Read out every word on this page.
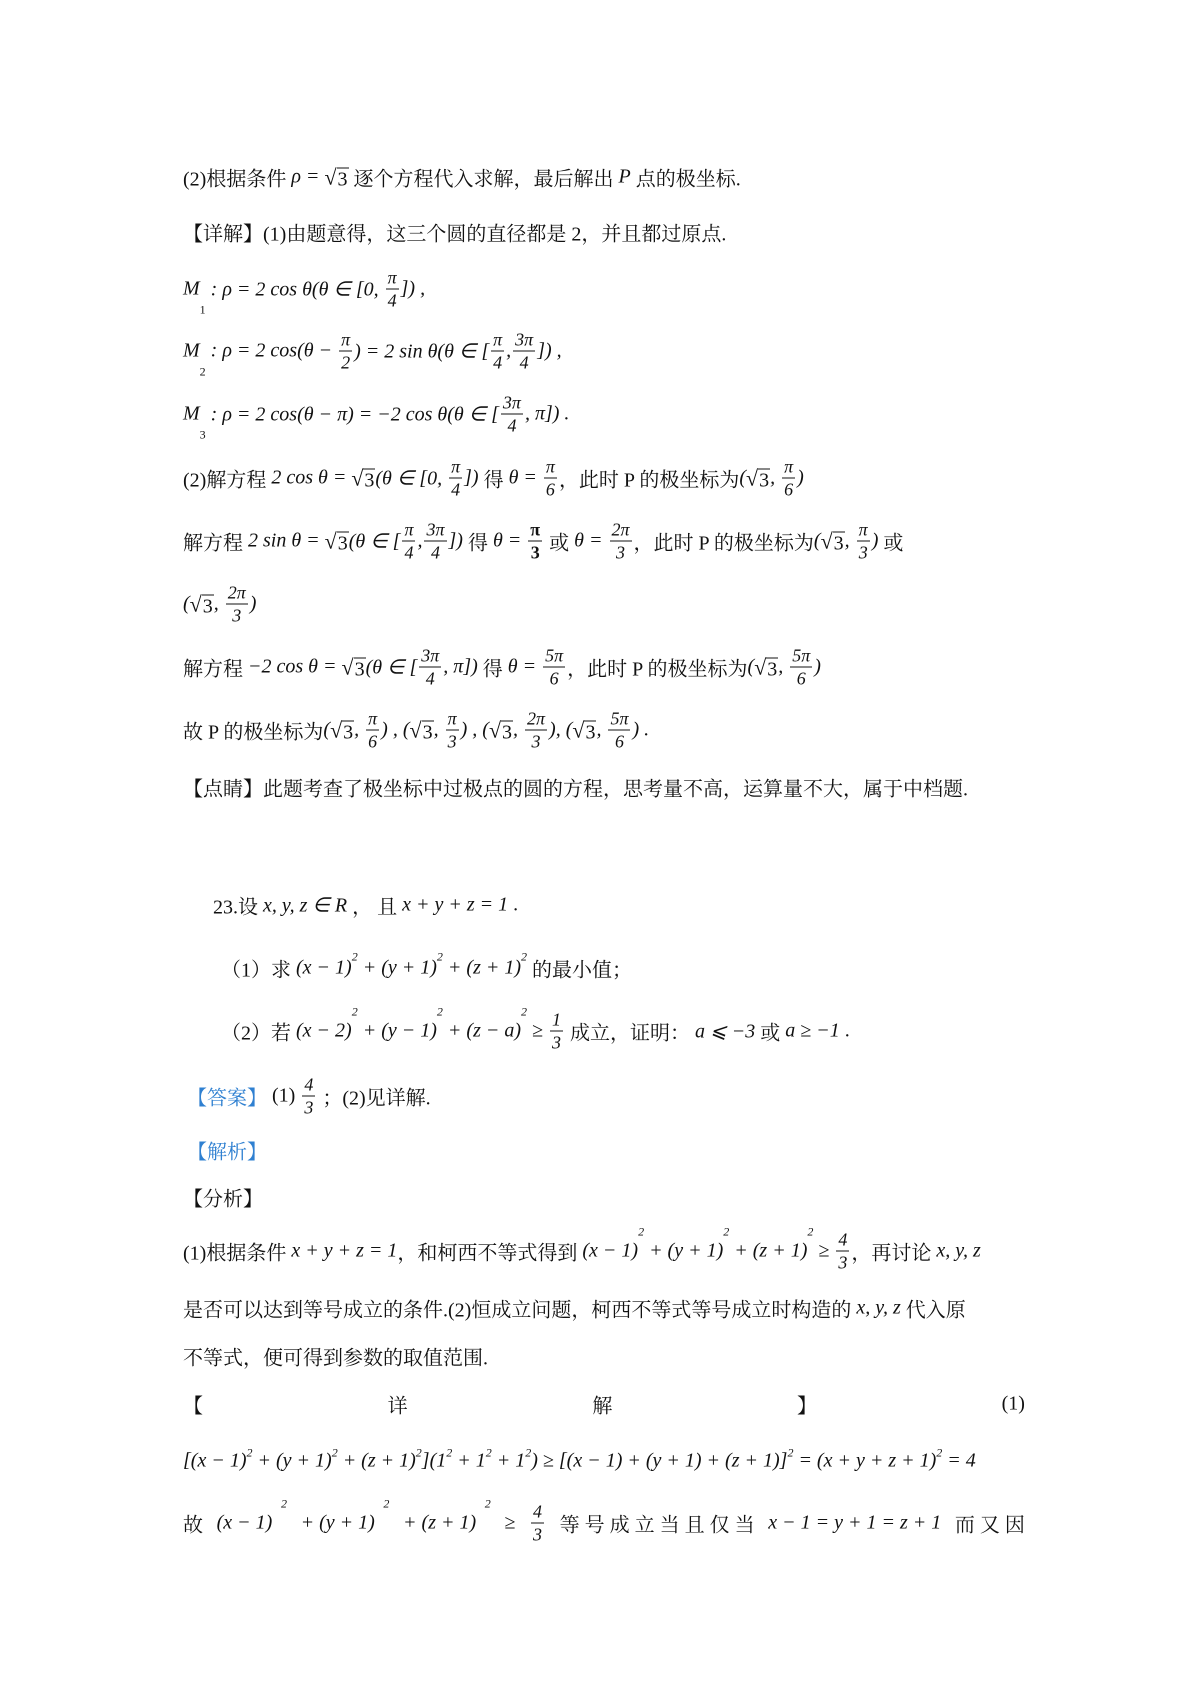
(2)根据条件 ρ = √ 3 逐个方程代入求解，最后解出 P 点的极坐标.
【详解】(1)由题意得，这三个圆的直径都是 2，并且都过原点.
M
1
: ρ = 2 cos θ(θ ∈ [0, $\frac{\pi}{4}$ ]) ,
M
2
: ρ = 2 $\cos(\theta - \frac{\pi}{2}$ ) = 2 sin θ(θ ∈ [ $\frac{\pi}{4}$ , $\frac{3\pi}{4}$ ]) ,
M
3
: ρ = 2 cos(θ − π) = −2 cos θ(θ ∈ [ $\frac{3\pi}{4}$ , π]) .
(2)解方程 2 cos θ = √ 3 (θ ∈ [0, $\frac{\pi}{4}$ ]) 得 $\theta = \frac{\pi}{6}$ ，此时 P 的极坐标为 ( √ 3 , $\frac{\pi}{6}$ )
解方程 2 sin θ = √ 3 (θ ∈ [ $\frac{\pi}{4}$ , $\frac{3\pi}{4}$ ]) 得 $\theta = \frac{\pi}{3}$ 或 $\theta = \frac{2\pi}{3}$ ，此时 P 的极坐标为 ( √ 3 , $\frac{\pi}{3}$ ) 或
( √ 3 , $\frac{2\pi}{3}$ )
解方程 −2 cos θ = √ 3 (θ ∈ [ $\frac{3\pi}{4}$ , π]) 得 $\theta = \frac{5\pi}{6}$ ，此时 P 的极坐标为 ( √ 3 , $\frac{5\pi}{6}$ )
故 P 的极坐标为 ( √ 3 , $\frac{\pi}{6}$ ) , ( √ 3 , $\frac{\pi}{3}$ ) , ( √ 3 , $\frac{2\pi}{3}$ ), ( √ 3 , $\frac{5\pi}{6}$ ) .
【点睛】此题考查了极坐标中过极点的圆的方程，思考量不高，运算量不大，属于中档题.
23.设 x, y, z ∈ R ， 且 x + y + z = 1 .
（1）求 (x − 1) 2 + (y + 1) 2 + (z + 1) 2
的最小值；
（2）若 (x − 2)
2
+ (y − 1)
2
+ (z − a)
2
≥ $\frac{1}{3}$ 成立，证明： a ⩽ −3 或 a ≥ −1 .
【答案】 $(1) \frac{4}{3}$ ；(2)见详解.
【解析】
【分析】
(1)根据条件 x + y + z = 1 ，和柯西不等式得到 (x − 1)
2
+ (y + 1)
2
+ (z + 1)
2
≥ $\frac{4}{3}$ ，再讨论 x, y, z
是否可以达到等号成立的条件.(2)恒成立问题，柯西不等式等号成立时构造的 x, y, z 代入原
不等式，便可得到参数的取值范围.
【	详	解	】	(1)
[(x − 1) 2 + (y + 1) 2 + (z + 1) 2 ](1 2 + 1 2 + 1 2 ) ≥ [(x − 1) + (y + 1) + (z + 1)] 2 = (x + y + z + 1) 2 = 4
故 (x − 1)
2
+ (y + 1)
2
+ (z + 1)
2
≥ $\frac{4}{3}$ 等 号 成 立 当 且 仅 当 x − 1 = y + 1 = z + 1 而 又 因
